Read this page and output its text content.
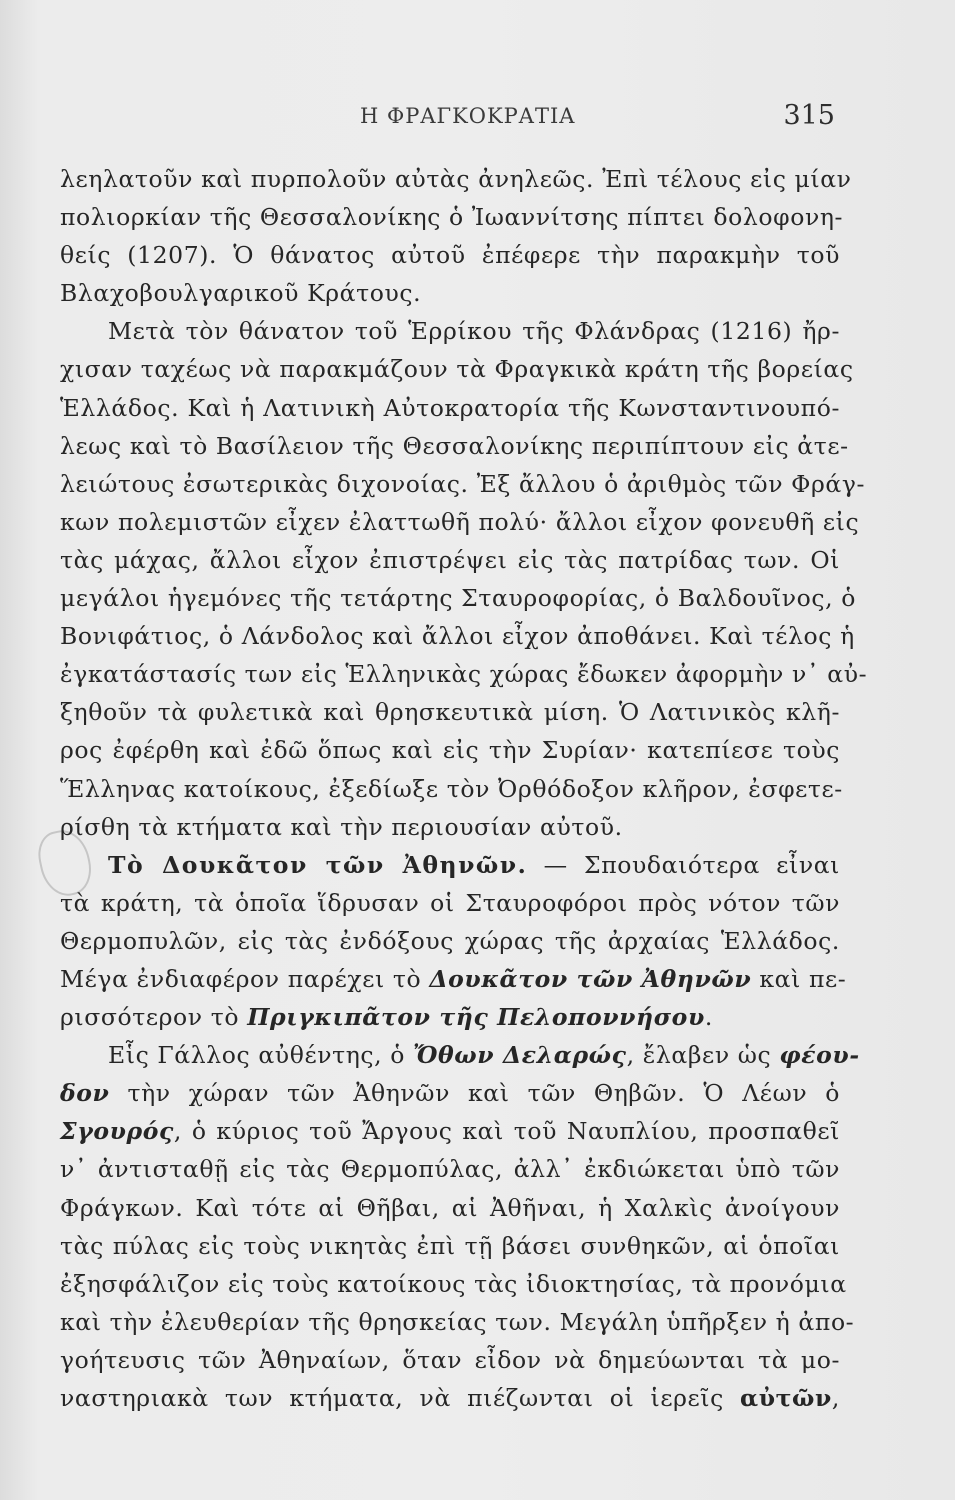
Η ΦΡΑΓΚΟΚΡΑΤΙΑ	315
λεηλατοῦν καὶ πυρπολοῦν αὐτὰς ἀνηλεῶς. Ἐπὶ τέλους εἰς μίαν
πολιορκίαν τῆς Θεσσαλονίκης ὁ Ἰωαννίτσης πίπτει δολοφονη-
θείς (1207). Ὁ θάνατος αὐτοῦ ἐπέφερε τὴν παρακμὴν τοῦ
Βλαχοβουλγαρικοῦ Κράτους.
Μετὰ τὸν θάνατον τοῦ Ἑρρίκου τῆς Φλάνδρας (1216) ἤρ-
χισαν ταχέως νὰ παρακμάζουν τὰ Φραγκικὰ κράτη τῆς βορείας
Ἑλλάδος. Καὶ ἡ Λατινικὴ Αὐτοκρατορία τῆς Κωνσταντινουπό-
λεως καὶ τὸ Βασίλειον τῆς Θεσσαλονίκης περιπίπτουν εἰς ἀτε-
λειώτους ἐσωτερικὰς διχονοίας. Ἐξ ἄλλου ὁ ἀριθμὸς τῶν Φράγ-
κων πολεμιστῶν εἶχεν ἐλαττωθῆ πολύ· ἄλλοι εἶχον φονευθῆ εἰς
τὰς μάχας, ἄλλοι εἶχον ἐπιστρέψει εἰς τὰς πατρίδας των. Οἱ
μεγάλοι ἡγεμόνες τῆς τετάρτης Σταυροφορίας, ὁ Βαλδουῖνος, ὁ
Βονιφάτιος, ὁ Λάνδολος καὶ ἄλλοι εἶχον ἀποθάνει. Καὶ τέλος ἡ
ἐγκατάστασίς των εἰς Ἑλληνικὰς χώρας ἔδωκεν ἀφορμὴν ν᾽ αὐ-
ξηθοῦν τὰ φυλετικὰ καὶ θρησκευτικὰ μίση. Ὁ Λατινικὸς κλῆ-
ρος ἐφέρθη καὶ ἐδῶ ὅπως καὶ εἰς τὴν Συρίαν· κατεπίεσε τοὺς
Ἕλληνας κατοίκους, ἐξεδίωξε τὸν Ὀρθόδοξον κλῆρον, ἐσφετε-
ρίσθη τὰ κτήματα καὶ τὴν περιουσίαν αὐτοῦ.
Τὸ Δουκᾶτον τῶν Ἀθηνῶν. — Σπουδαιότερα εἶναι
τὰ κράτη, τὰ ὁποῖα ἵδρυσαν οἱ Σταυροφόροι πρὸς νότον τῶν
Θερμοπυλῶν, εἰς τὰς ἐνδόξους χώρας τῆς ἀρχαίας Ἑλλάδος.
Μέγα ἐνδιαφέρον παρέχει τὸ Δουκᾶτον τῶν Ἀθηνῶν καὶ πε-
ρισσότερον τὸ Πριγκιπᾶτον τῆς Πελοποννήσου.
Εἷς Γάλλος αὐθέντης, ὁ Ὄθων Δελαρώς, ἔλαβεν ὡς φέου-
δον τὴν χώραν τῶν Ἀθηνῶν καὶ τῶν Θηβῶν. Ὁ Λέων ὁ
Σγουρός, ὁ κύριος τοῦ Ἄργους καὶ τοῦ Ναυπλίου, προσπαθεῖ
ν᾽ ἀντισταθῇ εἰς τὰς Θερμοπύλας, ἀλλ᾽ ἐκδιώκεται ὑπὸ τῶν
Φράγκων. Καὶ τότε αἱ Θῆβαι, αἱ Ἀθῆναι, ἡ Χαλκὶς ἀνοίγουν
τὰς πύλας εἰς τοὺς νικητὰς ἐπὶ τῇ βάσει συνθηκῶν, αἱ ὁποῖαι
ἐξησφάλιζον εἰς τοὺς κατοίκους τὰς ἰδιοκτησίας, τὰ προνόμια
καὶ τὴν ἐλευθερίαν τῆς θρησκείας των. Μεγάλη ὑπῆρξεν ἡ ἀπο-
γοήτευσις τῶν Ἀθηναίων, ὅταν εἶδον νὰ δημεύωνται τὰ μο-
ναστηριακὰ των κτήματα, νὰ πιέζωνται οἱ ἱερεῖς αὐτῶν,
